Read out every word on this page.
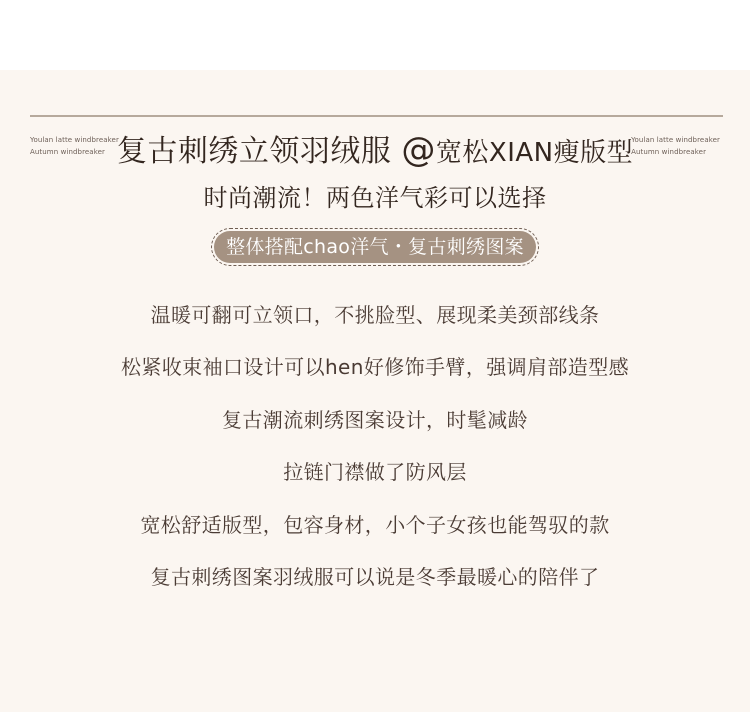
Youlan latte windbreaker
Autumn windbreaker
Youlan latte windbreaker
Autumn windbreaker
复古刺绣立领羽绒服 @宽松XIAN瘦版型
时尚潮流！两色洋气彩可以选择
整体搭配chao洋气・复古刺绣图案
温暖可翻可立领口，不挑脸型、展现柔美颈部线条
松紧收束袖口设计可以hen好修饰手臂，强调肩部造型感
复古潮流刺绣图案设计，时髦减龄
拉链门襟做了防风层
宽松舒适版型，包容身材，小个子女孩也能驾驭的款
复古刺绣图案羽绒服可以说是冬季最暖心的陪伴了
